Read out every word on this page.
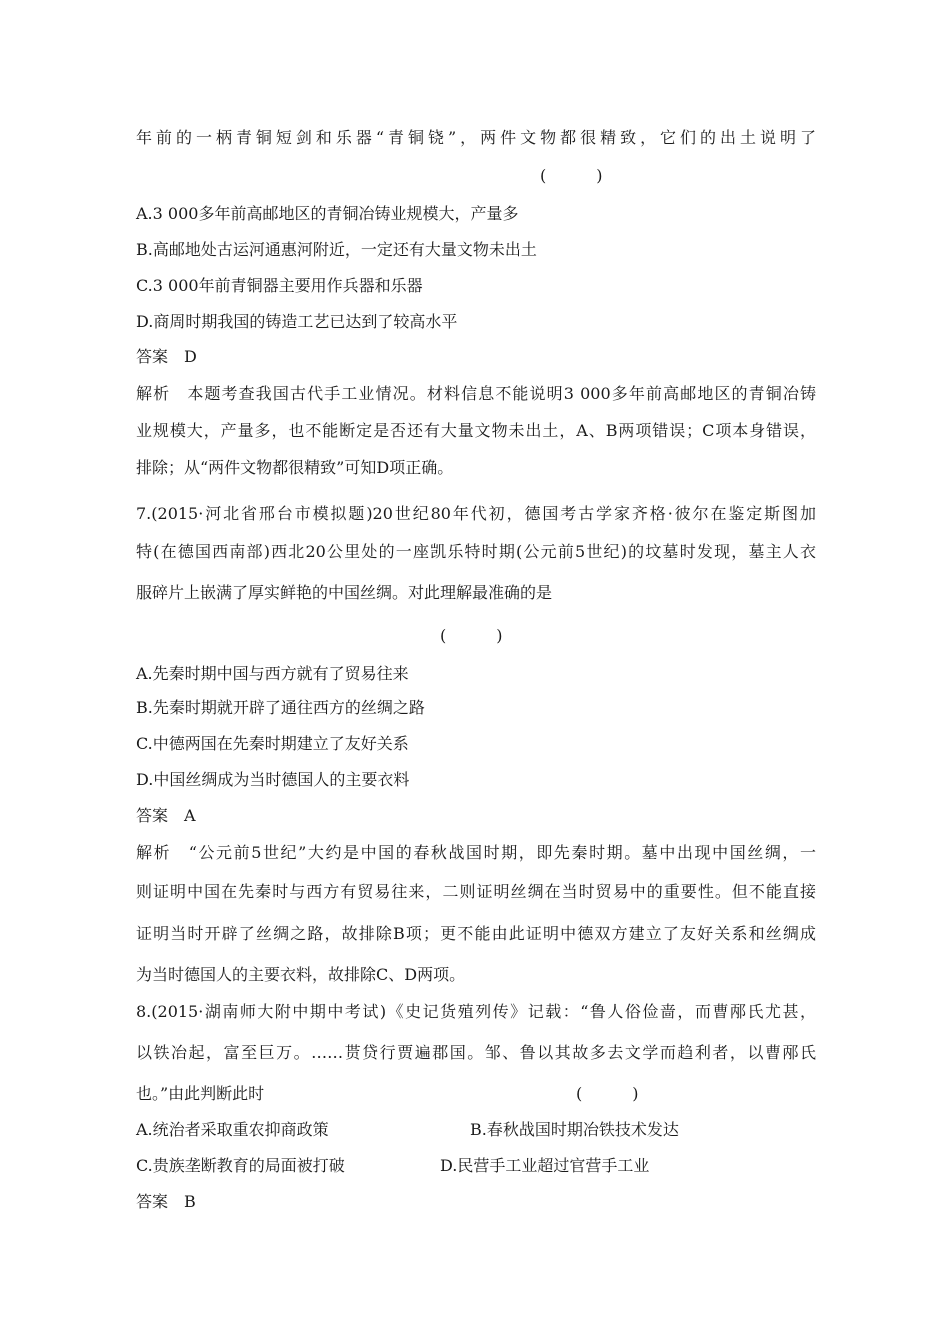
年前的一柄青铜短剑和乐器“青铜铙”，两件文物都很精致，它们的出土说明了
(　　)
A.3 000多年前高邮地区的青铜冶铸业规模大，产量多
B.高邮地处古运河通惠河附近，一定还有大量文物未出土
C.3 000年前青铜器主要用作兵器和乐器
D.商周时期我国的铸造工艺已达到了较高水平
答案　D
解析　本题考查我国古代手工业情况。材料信息不能说明3 000多年前高邮地区的青铜冶铸
业规模大，产量多，也不能断定是否还有大量文物未出土，A、B两项错误；C项本身错误，
排除；从“两件文物都很精致”可知D项正确。
7.(2015·河北省邢台市模拟题)20世纪80年代初，德国考古学家齐格·彼尔在鉴定斯图加
特(在德国西南部)西北20公里处的一座凯乐特时期(公元前5世纪)的坟墓时发现，墓主人衣
服碎片上嵌满了厚实鲜艳的中国丝绸。对此理解最准确的是
(　　)
A.先秦时期中国与西方就有了贸易往来
B.先秦时期就开辟了通往西方的丝绸之路
C.中德两国在先秦时期建立了友好关系
D.中国丝绸成为当时德国人的主要衣料
答案　A
解析　“公元前5世纪”大约是中国的春秋战国时期，即先秦时期。墓中出现中国丝绸，一
则证明中国在先秦时与西方有贸易往来，二则证明丝绸在当时贸易中的重要性。但不能直接
证明当时开辟了丝绸之路，故排除B项；更不能由此证明中德双方建立了友好关系和丝绸成
为当时德国人的主要衣料，故排除C、D两项。
8.(2015·湖南师大附中期中考试)《史记货殖列传》记载：“鲁人俗俭啬，而曹邴氏尤甚，
以铁冶起，富至巨万。……贳贷行贾遍郡国。邹、鲁以其故多去文学而趋利者，以曹邴氏
也。”由此判断此时	(　　)
A.统治者采取重农抑商政策	B.春秋战国时期冶铁技术发达
C.贵族垄断教育的局面被打破	D.民营手工业超过官营手工业
答案　B
